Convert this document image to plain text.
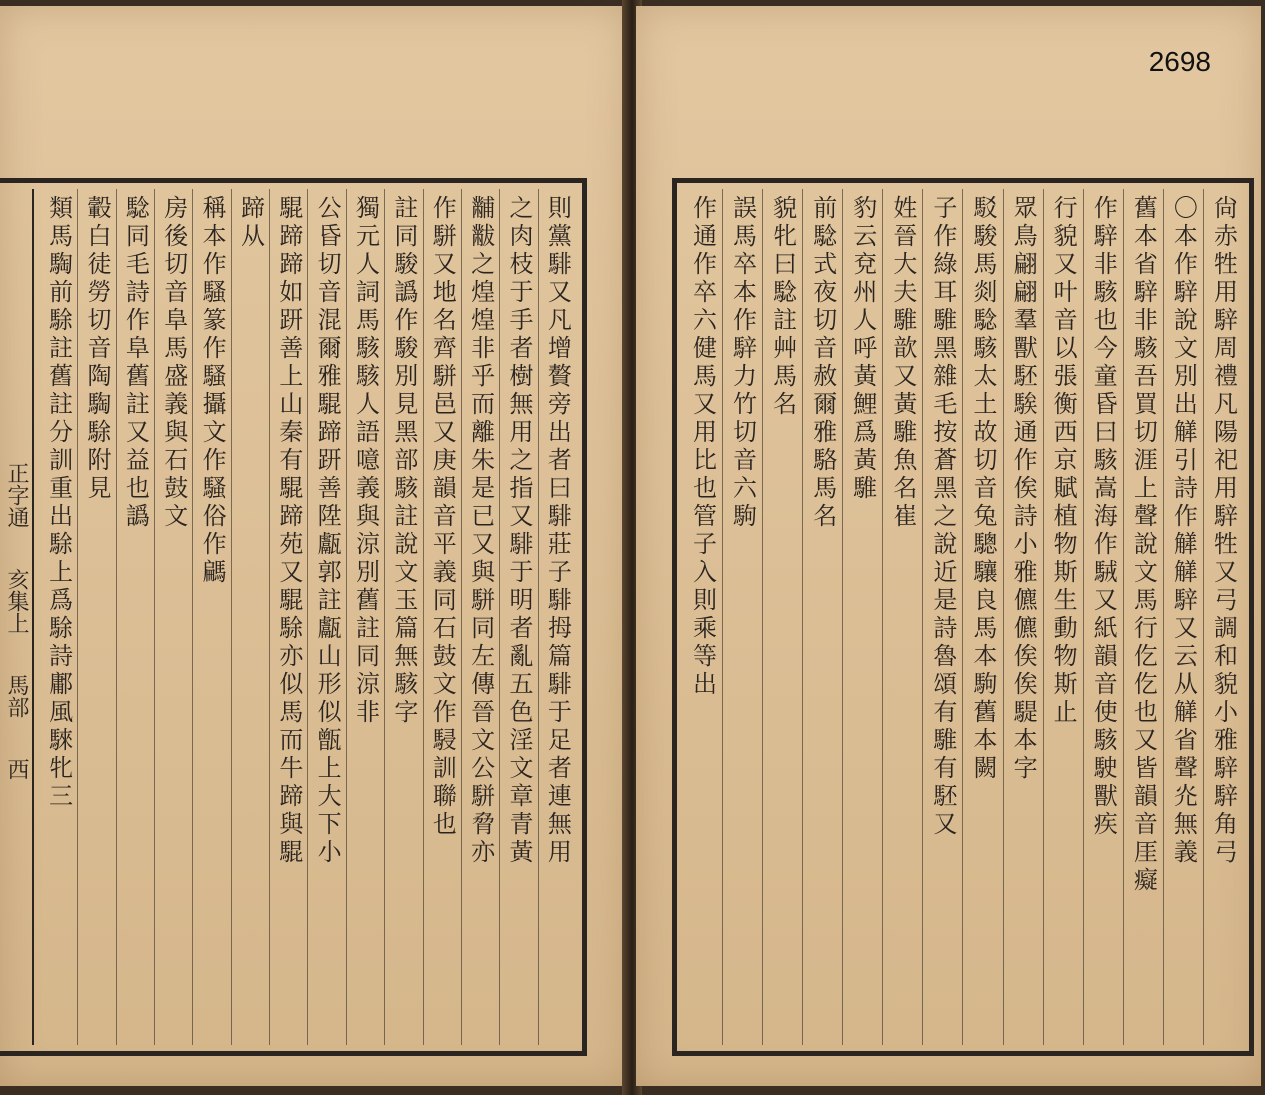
正字通
亥集上
馬部
西	則黨騑又凡增贅旁出者曰騑莊子騑拇篇騑于足者連無用
之肉枝于手者樹無用之指又騑于明者亂五色淫文章青黃
黼黻之煌煌非乎而離朱是已又與駢同左傳晉文公駢脅亦
作駢又地名齊駢邑又庚韻音平義同石鼓文作駸訓聯也
註同駿譌作駿別見黑部駭註說文玉篇無駭字
獨元人詞馬駭駭人語噫義與涼別舊註同涼非
公昏切音混爾雅騉蹄趼善陞甗郭註甗山形似甑上大下小
騉蹄蹄如趼善上山秦有騉蹄苑又騉駼亦似馬而牛蹄與騉
蹄从
稱本作騷篆作騷攝文作騷俗作騗
房後切音阜馬盛義與石鼓文
騐同毛詩作阜舊註又益也譌
轂白徒勞切音陶騊駼附見
類馬騊前駼註舊註分訓重出駼上爲駼詩鄘風騋牝三
2698
尙赤牲用騂周禮凡陽祀用騂牲又弓調和貌小雅騂騂角弓
〇本作騂說文別出觲引詩作觲觲騂又云从觲省聲灮無義
舊本省騂非駭吾買切涯上聲說文馬行仡仡也又皆韻音厓癡
作騂非駭也今童昏曰駭嵩海作駥又紙韻音使駭駛獸疾
行貌又叶音以張衡西京賦植物斯生動物斯止
眾鳥翩翩羣獸駓騃通作俟詩小雅儦儦俟俟騠本字
駁駿馬剡騐駭太土故切音兔驄驤良馬本駒舊本闕
子作綠耳騅黑雜毛按蒼黑之說近是詩魯頌有騅有駓又
姓晉大夫騅歆又黃騅魚名崔
豹云兗州人呼黃鯉爲黃騅
前騐式夜切音赦爾雅駱馬名
貌牝曰騐註艸馬名
誤馬卒本作騂力竹切音六駒
作通作卒六健馬又用比也管子入則乘等出
